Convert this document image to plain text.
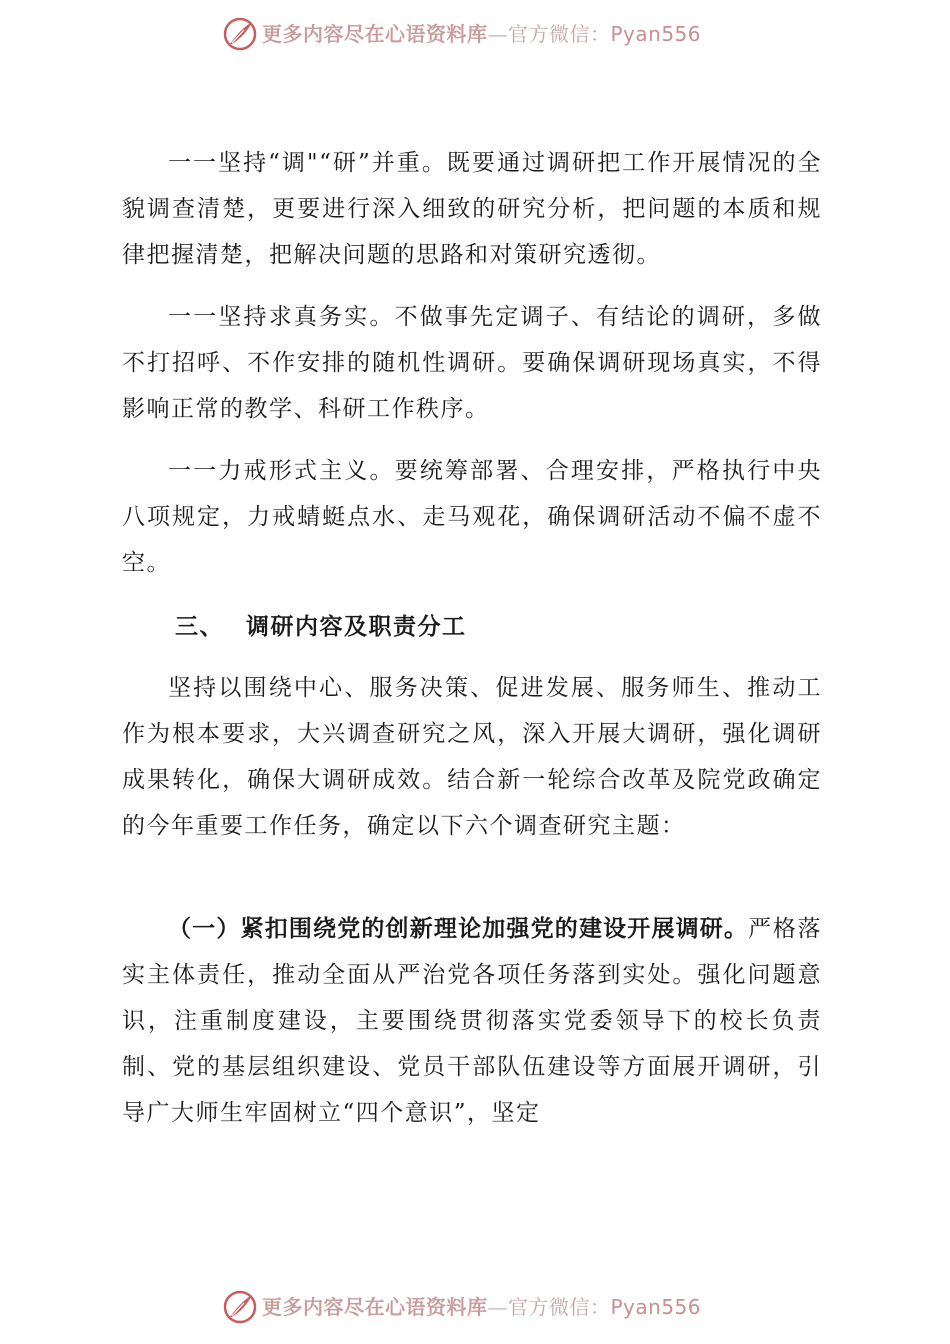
更多内容尽在心语资料库—官方微信：Pyan556

一一坚持“调"“研”并重。既要通过调研把工作开展情况的全貌调查清楚，更要进行深入细致的研究分析，把问题的本质和规律把握清楚，把解决问题的思路和对策研究透彻。

一一坚持求真务实。不做事先定调子、有结论的调研，多做不打招呼、不作安排的随机性调研。要确保调研现场真实，不得影响正常的教学、科研工作秩序。

一一力戒形式主义。要统筹部署、合理安排，严格执行中央八项规定，力戒蜻蜓点水、走马观花，确保调研活动不偏不虚不空。

三、 调研内容及职责分工

坚持以围绕中心、服务决策、促进发展、服务师生、推动工作为根本要求，大兴调查研究之风，深入开展大调研，强化调研成果转化，确保大调研成效。结合新一轮综合改革及院党政确定的今年重要工作任务，确定以下六个调查研究主题：

（一）紧扣围绕党的创新理论加强党的建设开展调研。严格落实主体责任，推动全面从严治党各项任务落到实处。强化问题意识，注重制度建设，主要围绕贯彻落实党委领导下的校长负责制、党的基层组织建设、党员干部队伍建设等方面展开调研，引导广大师生牢固树立“四个意识”，坚定

更多内容尽在心语资料库—官方微信：Pyan556
